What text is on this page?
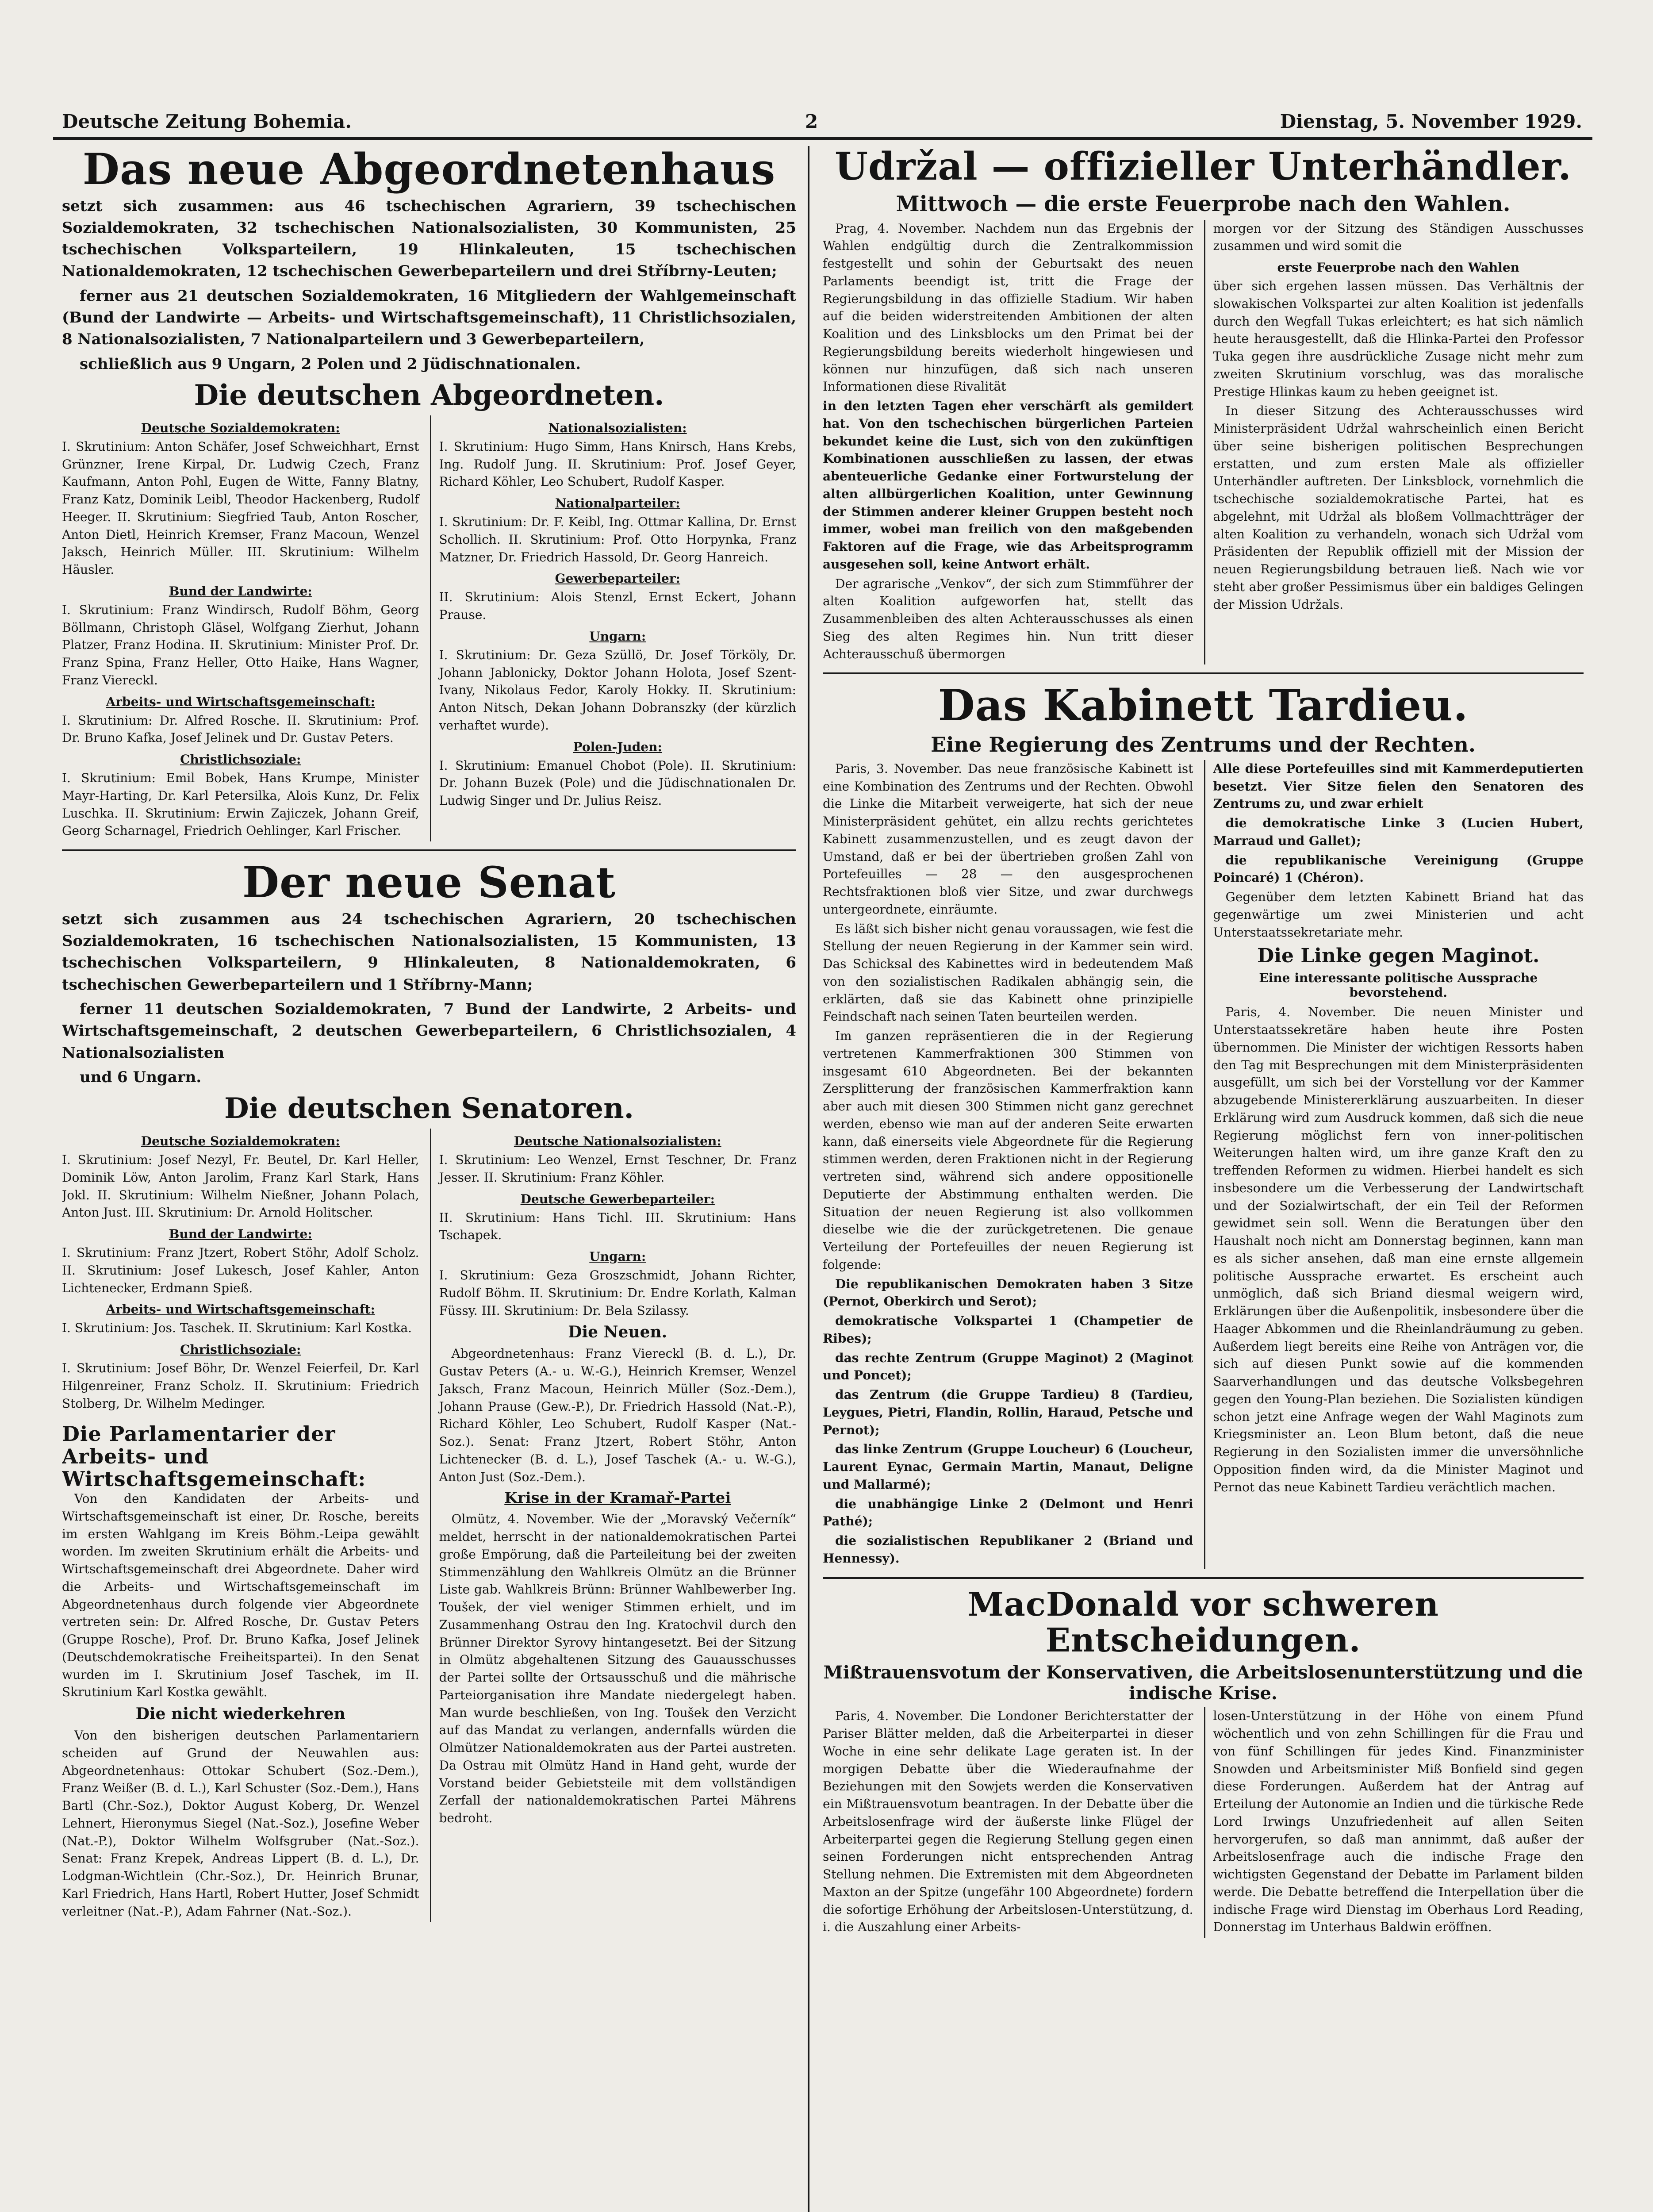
Deutsche Zeitung Bohemia.	2	Dienstag, 5. November 1929.
Das neue Abgeordnetenhaus

setzt sich zusammen: aus 46 tschechischen Agrariern, 39 tschechischen Sozialdemokraten, 32 tschechischen Nationalsozialisten, 30 Kommunisten, 25 tschechischen Volksparteilern, 19 Hlinkaleuten, 15 tschechischen Nationaldemokraten, 12 tschechischen Gewerbeparteilern und drei Stříbrny-Leuten;

ferner aus 21 deutschen Sozialdemokraten, 16 Mitgliedern der Wahlgemeinschaft (Bund der Landwirte — Arbeits- und Wirtschaftsgemeinschaft), 11 Christlichsozialen, 8 Nationalsozialisten, 7 Nationalparteilern und 3 Gewerbeparteilern,

schließlich aus 9 Ungarn, 2 Polen und 2 Jüdischnationalen.

Die deutschen Abgeordneten.
Deutsche Sozialdemokraten:

I. Skrutinium: Anton Schäfer, Josef Schweichhart, Ernst Grünzner, Irene Kirpal, Dr. Ludwig Czech, Franz Kaufmann, Anton Pohl, Eugen de Witte, Fanny Blatny, Franz Katz, Dominik Leibl, Theodor Hackenberg, Rudolf Heeger. II. Skrutinium: Siegfried Taub, Anton Roscher, Anton Dietl, Heinrich Kremser, Franz Macoun, Wenzel Jaksch, Heinrich Müller. III. Skrutinium: Wilhelm Häusler.

Bund der Landwirte:

I. Skrutinium: Franz Windirsch, Rudolf Böhm, Georg Böllmann, Christoph Gläsel, Wolfgang Zierhut, Johann Platzer, Franz Hodina. II. Skrutinium: Minister Prof. Dr. Franz Spina, Franz Heller, Otto Haike, Hans Wagner, Franz Viereckl.

Arbeits- und Wirtschaftsgemeinschaft:

I. Skrutinium: Dr. Alfred Rosche. II. Skrutinium: Prof. Dr. Bruno Kafka, Josef Jelinek und Dr. Gustav Peters.

Christlichsoziale:

I. Skrutinium: Emil Bobek, Hans Krumpe, Minister Mayr-Harting, Dr. Karl Petersilka, Alois Kunz, Dr. Felix Luschka. II. Skrutinium: Erwin Zajiczek, Johann Greif, Georg Scharnagel, Friedrich Oehlinger, Karl Frischer.

Nationalsozialisten:

I. Skrutinium: Hugo Simm, Hans Knirsch, Hans Krebs, Ing. Rudolf Jung. II. Skrutinium: Prof. Josef Geyer, Richard Köhler, Leo Schubert, Rudolf Kasper.

Nationalparteiler:

I. Skrutinium: Dr. F. Keibl, Ing. Ottmar Kallina, Dr. Ernst Schollich. II. Skrutinium: Prof. Otto Horpynka, Franz Matzner, Dr. Friedrich Hassold, Dr. Georg Hanreich.

Gewerbeparteiler:

II. Skrutinium: Alois Stenzl, Ernst Eckert, Johann Prause.

Ungarn:

I. Skrutinium: Dr. Geza Szüllö, Dr. Josef Törköly, Dr. Johann Jablonicky, Doktor Johann Holota, Josef Szent-Ivany, Nikolaus Fedor, Karoly Hokky. II. Skrutinium: Anton Nitsch, Dekan Johann Dobranszky (der kürzlich verhaftet wurde).

Polen-Juden:

I. Skrutinium: Emanuel Chobot (Pole). II. Skrutinium: Dr. Johann Buzek (Pole) und die Jüdischnationalen Dr. Ludwig Singer und Dr. Julius Reisz.

Der neue Senat

setzt sich zusammen aus 24 tschechischen Agrariern, 20 tschechischen Sozialdemokraten, 16 tschechischen Nationalsozialisten, 15 Kommunisten, 13 tschechischen Volksparteilern, 9 Hlinkaleuten, 8 Nationaldemokraten, 6 tschechischen Gewerbeparteilern und 1 Stříbrny-Mann;

ferner 11 deutschen Sozialdemokraten, 7 Bund der Landwirte, 2 Arbeits- und Wirtschaftsgemeinschaft, 2 deutschen Gewerbeparteilern, 6 Christlichsozialen, 4 Nationalsozialisten

und 6 Ungarn.

Die deutschen Senatoren.
Deutsche Sozialdemokraten:

I. Skrutinium: Josef Nezyl, Fr. Beutel, Dr. Karl Heller, Dominik Löw, Anton Jarolim, Franz Karl Stark, Hans Jokl. II. Skrutinium: Wilhelm Nießner, Johann Polach, Anton Just. III. Skrutinium: Dr. Arnold Holitscher.

Bund der Landwirte:

I. Skrutinium: Franz Jtzert, Robert Stöhr, Adolf Scholz. II. Skrutinium: Josef Lukesch, Josef Kahler, Anton Lichtenecker, Erdmann Spieß.

Arbeits- und Wirtschaftsgemeinschaft:

I. Skrutinium: Jos. Taschek. II. Skrutinium: Karl Kostka.

Christlichsoziale:

I. Skrutinium: Josef Böhr, Dr. Wenzel Feierfeil, Dr. Karl Hilgenreiner, Franz Scholz. II. Skrutinium: Friedrich Stolberg, Dr. Wilhelm Medinger.

Die Parlamentarier der Arbeits- und Wirtschaftsgemeinschaft:

Von den Kandidaten der Arbeits- und Wirtschaftsgemeinschaft ist einer, Dr. Rosche, bereits im ersten Wahlgang im Kreis Böhm.-Leipa gewählt worden. Im zweiten Skrutinium erhält die Arbeits- und Wirtschaftsgemeinschaft drei Abgeordnete. Daher wird die Arbeits- und Wirtschaftsgemeinschaft im Abgeordnetenhaus durch folgende vier Abgeordnete vertreten sein: Dr. Alfred Rosche, Dr. Gustav Peters (Gruppe Rosche), Prof. Dr. Bruno Kafka, Josef Jelinek (Deutschdemokratische Freiheitspartei). In den Senat wurden im I. Skrutinium Josef Taschek, im II. Skrutinium Karl Kostka gewählt.

Die nicht wiederkehren

Von den bisherigen deutschen Parlamentariern scheiden auf Grund der Neuwahlen aus: Abgeordnetenhaus: Ottokar Schubert (Soz.-Dem.), Franz Weißer (B. d. L.), Karl Schuster (Soz.-Dem.), Hans Bartl (Chr.-Soz.), Doktor August Koberg, Dr. Wenzel Lehnert, Hieronymus Siegel (Nat.-Soz.), Josefine Weber (Nat.-P.), Doktor Wilhelm Wolfsgruber (Nat.-Soz.). Senat: Franz Krepek, Andreas Lippert (B. d. L.), Dr. Lodgman-Wichtlein (Chr.-Soz.), Dr. Heinrich Brunar, Karl Friedrich, Hans Hartl, Robert Hutter, Josef Schmidt verleitner (Nat.-P.), Adam Fahrner (Nat.-Soz.).

Deutsche Nationalsozialisten:

I. Skrutinium: Leo Wenzel, Ernst Teschner, Dr. Franz Jesser. II. Skrutinium: Franz Köhler.

Deutsche Gewerbeparteiler:

II. Skrutinium: Hans Tichl. III. Skrutinium: Hans Tschapek.

Ungarn:

I. Skrutinium: Geza Groszschmidt, Johann Richter, Rudolf Böhm. II. Skrutinium: Dr. Endre Korlath, Kalman Füssy. III. Skrutinium: Dr. Bela Szilassy.

Die Neuen.

Abgeordnetenhaus: Franz Viereckl (B. d. L.), Dr. Gustav Peters (A.- u. W.-G.), Heinrich Kremser, Wenzel Jaksch, Franz Macoun, Heinrich Müller (Soz.-Dem.), Johann Prause (Gew.-P.), Dr. Friedrich Hassold (Nat.-P.), Richard Köhler, Leo Schubert, Rudolf Kasper (Nat.-Soz.). Senat: Franz Jtzert, Robert Stöhr, Anton Lichtenecker (B. d. L.), Josef Taschek (A.- u. W.-G.), Anton Just (Soz.-Dem.).

Krise in der Kramař-Partei

Olmütz, 4. November. Wie der „Moravský Večerník“ meldet, herrscht in der nationaldemokratischen Partei große Empörung, daß die Parteileitung bei der zweiten Stimmenzählung den Wahlkreis Olmütz an die Brünner Liste gab. Wahlkreis Brünn: Brünner Wahlbewerber Ing. Toušek, der viel weniger Stimmen erhielt, und im Zusammenhang Ostrau den Ing. Kratochvil durch den Brünner Direktor Syrovy hintangesetzt. Bei der Sitzung in Olmütz abgehaltenen Sitzung des Gauausschusses der Partei sollte der Ortsausschuß und die mährische Parteiorganisation ihre Mandate niedergelegt haben. Man wurde beschließen, von Ing. Toušek den Verzicht auf das Mandat zu verlangen, andernfalls würden die Olmützer Nationaldemokraten aus der Partei austreten. Da Ostrau mit Olmütz Hand in Hand geht, wurde der Vorstand beider Gebietsteile mit dem vollständigen Zerfall der nationaldemokratischen Partei Mährens bedroht.

Udržal — offizieller Unterhändler.
Mittwoch — die erste Feuerprobe nach den Wahlen.

Prag, 4. November. Nachdem nun das Ergebnis der Wahlen endgültig durch die Zentralkommission festgestellt und sohin der Geburtsakt des neuen Parlaments beendigt ist, tritt die Frage der Regierungsbildung in das offizielle Stadium. Wir haben auf die beiden widerstreitenden Ambitionen der alten Koalition und des Linksblocks um den Primat bei der Regierungsbildung bereits wiederholt hingewiesen und können nur hinzufügen, daß sich nach unseren Informationen diese Rivalität

in den letzten Tagen eher verschärft als gemildert hat. Von den tschechischen bürgerlichen Parteien bekundet keine die Lust, sich von den zukünftigen Kombinationen ausschließen zu lassen, der etwas abenteuerliche Gedanke einer Fortwurstelung der alten allbürgerlichen Koalition, unter Gewinnung der Stimmen anderer kleiner Gruppen besteht noch immer, wobei man freilich von den maßgebenden Faktoren auf die Frage, wie das Arbeitsprogramm ausgesehen soll, keine Antwort erhält.

Der agrarische „Venkov“, der sich zum Stimmführer der alten Koalition aufgeworfen hat, stellt das Zusammenbleiben des alten Achterausschusses als einen Sieg des alten Regimes hin. Nun tritt dieser Achterausschuß übermorgen

morgen vor der Sitzung des Ständigen Ausschusses zusammen und wird somit die

erste Feuerprobe nach den Wahlen

über sich ergehen lassen müssen. Das Verhältnis der slowakischen Volkspartei zur alten Koalition ist jedenfalls durch den Wegfall Tukas erleichtert; es hat sich nämlich heute herausgestellt, daß die Hlinka-Partei den Professor Tuka gegen ihre ausdrückliche Zusage nicht mehr zum zweiten Skrutinium vorschlug, was das moralische Prestige Hlinkas kaum zu heben geeignet ist.

In dieser Sitzung des Achterausschusses wird Ministerpräsident Udržal wahrscheinlich einen Bericht über seine bisherigen politischen Besprechungen erstatten, und zum ersten Male als offizieller Unterhändler auftreten. Der Linksblock, vornehmlich die tschechische sozialdemokratische Partei, hat es abgelehnt, mit Udržal als bloßem Vollmachtträger der alten Koalition zu verhandeln, wonach sich Udržal vom Präsidenten der Republik offiziell mit der Mission der neuen Regierungsbildung betrauen ließ. Nach wie vor steht aber großer Pessimismus über ein baldiges Gelingen der Mission Udržals.

Das Kabinett Tardieu.
Eine Regierung des Zentrums und der Rechten.

Paris, 3. November. Das neue französische Kabinett ist eine Kombination des Zentrums und der Rechten. Obwohl die Linke die Mitarbeit verweigerte, hat sich der neue Ministerpräsident gehütet, ein allzu rechts gerichtetes Kabinett zusammenzustellen, und es zeugt davon der Umstand, daß er bei der übertrieben großen Zahl von Portefeuilles — 28 — den ausgesprochenen Rechtsfraktionen bloß vier Sitze, und zwar durchwegs untergeordnete, einräumte.

Es läßt sich bisher nicht genau voraussagen, wie fest die Stellung der neuen Regierung in der Kammer sein wird. Das Schicksal des Kabinettes wird in bedeutendem Maß von den sozialistischen Radikalen abhängig sein, die erklärten, daß sie das Kabinett ohne prinzipielle Feindschaft nach seinen Taten beurteilen werden.

Im ganzen repräsentieren die in der Regierung vertretenen Kammerfraktionen 300 Stimmen von insgesamt 610 Abgeordneten. Bei der bekannten Zersplitterung der französischen Kammerfraktion kann aber auch mit diesen 300 Stimmen nicht ganz gerechnet werden, ebenso wie man auf der anderen Seite erwarten kann, daß einerseits viele Abgeordnete für die Regierung stimmen werden, deren Fraktionen nicht in der Regierung vertreten sind, während sich andere oppositionelle Deputierte der Abstimmung enthalten werden. Die Situation der neuen Regierung ist also vollkommen dieselbe wie die der zurückgetretenen. Die genaue Verteilung der Portefeuilles der neuen Regierung ist folgende:

Die republikanischen Demokraten haben 3 Sitze (Pernot, Oberkirch und Serot);

demokratische Volkspartei 1 (Champetier de Ribes);

das rechte Zentrum (Gruppe Maginot) 2 (Maginot und Poncet);

das Zentrum (die Gruppe Tardieu) 8 (Tardieu, Leygues, Pietri, Flandin, Rollin, Haraud, Petsche und Pernot);

das linke Zentrum (Gruppe Loucheur) 6 (Loucheur, Laurent Eynac, Germain Martin, Manaut, Deligne und Mallarmé);

die unabhängige Linke 2 (Delmont und Henri Pathé);

die sozialistischen Republikaner 2 (Briand und Hennessy).

Alle diese Portefeuilles sind mit Kammerdeputierten besetzt. Vier Sitze fielen den Senatoren des Zentrums zu, und zwar erhielt

die demokratische Linke 3 (Lucien Hubert, Marraud und Gallet);

die republikanische Vereinigung (Gruppe Poincaré) 1 (Chéron).

Gegenüber dem letzten Kabinett Briand hat das gegenwärtige um zwei Ministerien und acht Unterstaatssekretariate mehr.

Die Linke gegen Maginot.
Eine interessante politische Aussprache bevorstehend.

Paris, 4. November. Die neuen Minister und Unterstaatssekretäre haben heute ihre Posten übernommen. Die Minister der wichtigen Ressorts haben den Tag mit Besprechungen mit dem Ministerpräsidenten ausgefüllt, um sich bei der Vorstellung vor der Kammer abzugebende Ministererklärung auszuarbeiten. In dieser Erklärung wird zum Ausdruck kommen, daß sich die neue Regierung möglichst fern von inner-politischen Weiterungen halten wird, um ihre ganze Kraft den zu treffenden Reformen zu widmen. Hierbei handelt es sich insbesondere um die Verbesserung der Landwirtschaft und der Sozialwirtschaft, der ein Teil der Reformen gewidmet sein soll. Wenn die Beratungen über den Haushalt noch nicht am Donnerstag beginnen, kann man es als sicher ansehen, daß man eine ernste allgemein politische Aussprache erwartet. Es erscheint auch unmöglich, daß sich Briand diesmal weigern wird, Erklärungen über die Außenpolitik, insbesondere über die Haager Abkommen und die Rheinlandräumung zu geben. Außerdem liegt bereits eine Reihe von Anträgen vor, die sich auf diesen Punkt sowie auf die kommenden Saarverhandlungen und das deutsche Volksbegehren gegen den Young-Plan beziehen. Die Sozialisten kündigen schon jetzt eine Anfrage wegen der Wahl Maginots zum Kriegsminister an. Leon Blum betont, daß die neue Regierung in den Sozialisten immer die unversöhnliche Opposition finden wird, da die Minister Maginot und Pernot das neue Kabinett Tardieu verächtlich machen.

MacDonald vor schweren Entscheidungen.
Mißtrauensvotum der Konservativen, die Arbeitslosenunterstützung und die indische Krise.

Paris, 4. November. Die Londoner Berichterstatter der Pariser Blätter melden, daß die Arbeiterpartei in dieser Woche in eine sehr delikate Lage geraten ist. In der morgigen Debatte über die Wiederaufnahme der Beziehungen mit den Sowjets werden die Konservativen ein Mißtrauensvotum beantragen. In der Debatte über die Arbeitslosenfrage wird der äußerste linke Flügel der Arbeiterpartei gegen die Regierung Stellung gegen einen seinen Forderungen nicht entsprechenden Antrag Stellung nehmen. Die Extremisten mit dem Abgeordneten Maxton an der Spitze (ungefähr 100 Abgeordnete) fordern die sofortige Erhöhung der Arbeitslosen-Unterstützung, d. i. die Auszahlung einer Arbeits-

losen-Unterstützung in der Höhe von einem Pfund wöchentlich und von zehn Schillingen für die Frau und von fünf Schillingen für jedes Kind. Finanzminister Snowden und Arbeitsminister Miß Bonfield sind gegen diese Forderungen. Außerdem hat der Antrag auf Erteilung der Autonomie an Indien und die türkische Rede Lord Irwings Unzufriedenheit auf allen Seiten hervorgerufen, so daß man annimmt, daß außer der Arbeitslosenfrage auch die indische Frage den wichtigsten Gegenstand der Debatte im Parlament bilden werde. Die Debatte betreffend die Interpellation über die indische Frage wird Dienstag im Oberhaus Lord Reading, Donnerstag im Unterhaus Baldwin eröffnen.
